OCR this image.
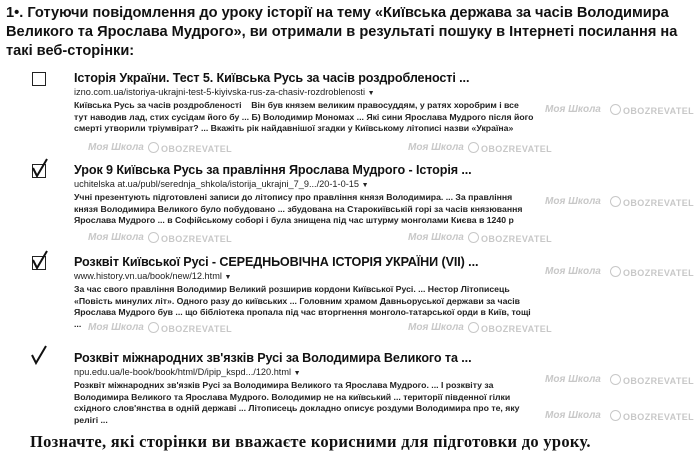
1•. Готуючи повідомлення до уроку історії на тему «Київська держава за часів Володимира Великого та Ярослава Мудрого», ви отримали в результаті пошуку в Інтернеті посилання на такі веб-сторінки:
Історія України. Тест 5. Київська Русь за часів роздробленості ...
izno.com.ua/istoriya-ukrajni-test-5-kiyivska-rus-za-chasiv-rozdroblenosti ▼
Київська Русь за часів роздробленості    Він був князем великим правосуддям, у ратях хоробрим і все тут наводив лад, стих сусідам його бу ... Б) Володимир Мономах ... Які сини Ярослава Мудрого після його смерті утворили тріумвірат? ... Вкажіть рік найдавнішої згадки у Київському літописі назви «Україна»
Урок 9 Київська Русь за правління Ярослава Мудрого - Історія ...
uchitelska at.ua/publ/serednja_shkola/istorija_ukrajni_7_9.../20-1-0-15 ▼
Учні презентують підготовлені записи до літопису про правління князя Володимира. ... За правління князя Володимира Великого було побудовано ... збудована на Старокиївській горі за часів князювання Ярослава Мудрого ... в Софійському соборі і була знищена під час штурму монголами Києва в 1240 р
Розквіт Київської Русі - СЕРЕДНЬОВІЧНА ІСТОРІЯ УКРАЇНИ (VII) ...
www.history.vn.ua/book/new/12.html ▼
За час свого правління Володимир Великий розширив кордони Київської Русі. ... Нестор Літописець «Повість минулих літ». Одного разу до київських ... Головним храмом Давньоруської держави за часів Ярослава Мудрого був ... що бібліотека пропала під час вторгнення монголо-татарської орди в Київ, тощі ...
Розквіт міжнародних зв'язків Русі за Володимира Великого та ...
npu.edu.ua/le-book/book/html/D/ipip_kspd.../120.html ▼
Розквіт міжнародних зв'язків Русі за Володимира Великого та Ярослава Мудрого. ... І розквіту за Володимира Великого та Ярослава Мудрого. Володимир не на київський ... території південної гілки східного слов'янства в одній державі ... Літописець докладно описує роздуми Володимира про те, яку релігі ...
Позначте, які сторінки ви вважаєте корисними для підготовки до уроку.
Моя Школа	OBOZREVATEL
Моя Школа	OBOZREVATEL	Моя Школа	OBOZREVATEL
Моя Школа	OBOZREVATEL
Моя Школа	OBOZREVATEL	Моя Школа	OBOZREVATEL
Моя Школа	OBOZREVATEL
Моя Школа	OBOZREVATEL	Моя Школа	OBOZREVATEL
Моя Школа	OBOZREVATEL
Моя Школа	OBOZREVATEL
